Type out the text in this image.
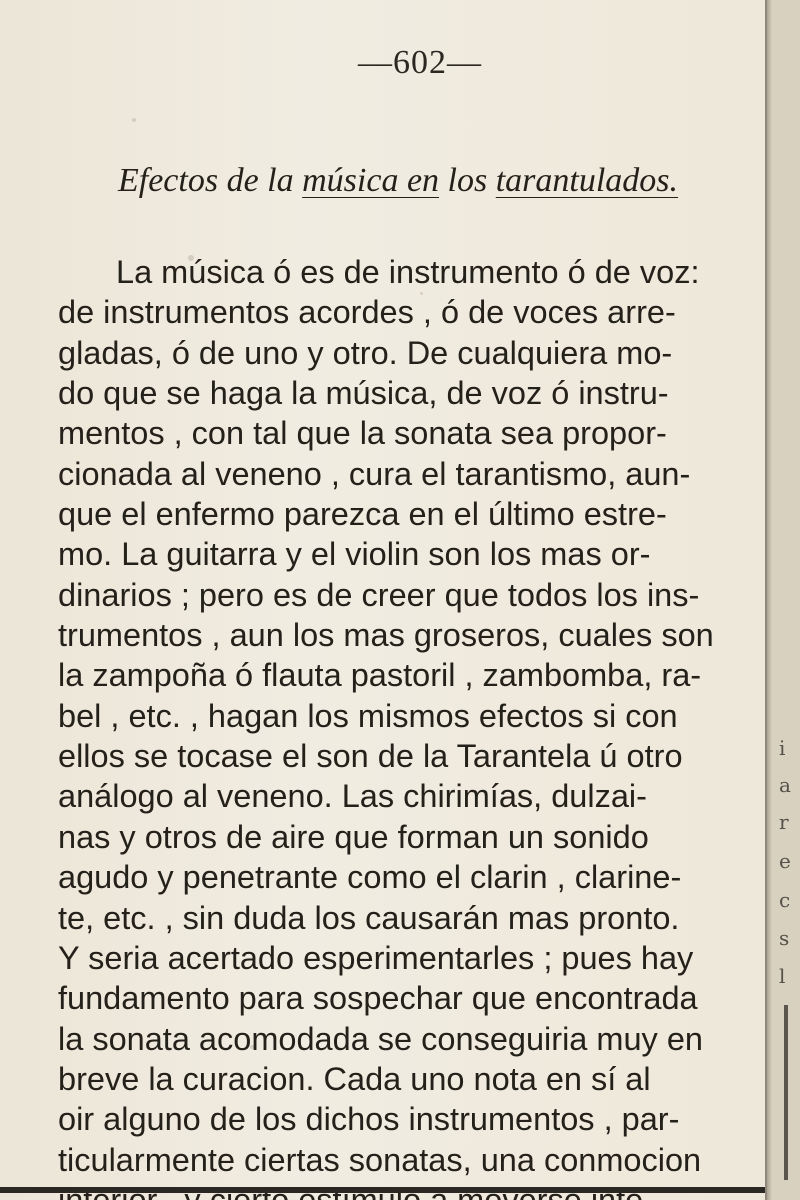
—602—
Efectos de la música en los tarantulados.
La música ó es de instrumento ó de voz:
de instrumentos acordes , ó de voces arre-
gladas, ó de uno y otro. De cualquiera mo-
do que se haga la música, de voz ó instru-
mentos , con tal que la sonata sea propor-
cionada al veneno , cura el tarantismo, aun-
que el enfermo parezca en el último estre-
mo. La guitarra y el violin son los mas or-
dinarios ; pero es de creer que todos los ins-
trumentos , aun los mas groseros, cuales son
la zampoña ó flauta pastoril , zambomba, ra-
bel , etc. , hagan los mismos efectos si con
ellos se tocase el son de la Tarantela ú otro
análogo al veneno. Las chirimías, dulzai-
nas y otros de aire que forman un sonido
agudo y penetrante como el clarin , clarine-
te, etc. , sin duda los causarán mas pronto.
Y seria acertado esperimentarles ; pues hay
fundamento para sospechar que encontrada
la sonata acomodada se conseguiria muy en
breve la curacion. Cada uno nota en sí al
oir alguno de los dichos instrumentos , par-
ticularmente ciertas sonatas, una conmocion
i
a
r
e
c
s
l
